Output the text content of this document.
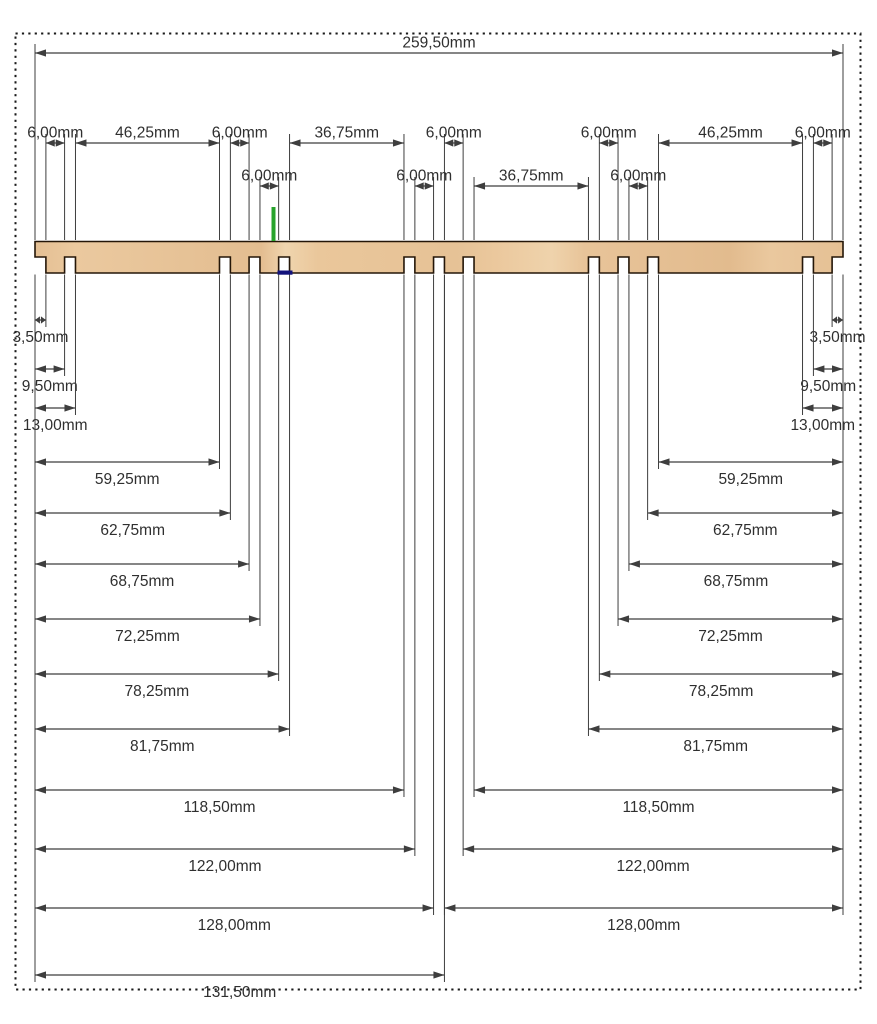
259,50mm
6,00mm 46,25mm 6,00mm	36,75mm	6,00mm	6,00mm	46,25mm 6,00mm
6,00mm	6,00mm	36,75mm	6,00mm
3,50mm
9,50mm
13,00mm
59,25mm
62,75mm
68,75mm
72,25mm
78,25mm
81,75mm
118,50mm
122,00mm
128,00mm
131,50mm
3,50mm
9,50mm
13,00mm
59,25mm
62,75mm
68,75mm
72,25mm
78,25mm
81,75mm
118,50mm
122,00mm
128,00mm
